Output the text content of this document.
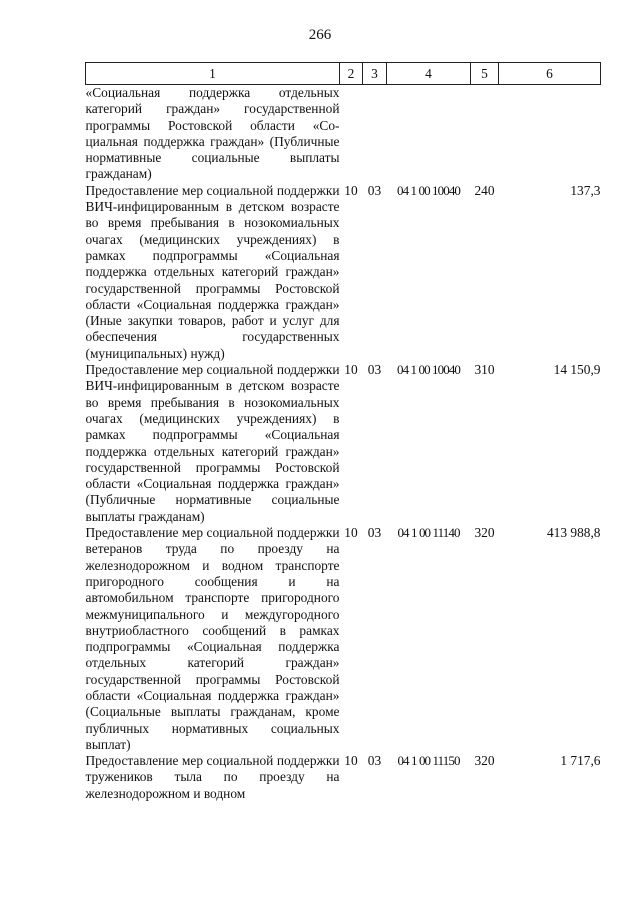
266
1	2	3	4	5	6
«Социальная поддержка отдельных категорий граждан» государственной программы Ростовской области «Социальная поддержка граждан» (Публичные нормативные социальные выплаты гражданам)					
Предоставление мер социальной поддержки ВИЧ-инфицированным в детском возрасте во время пребывания в нозокомиальных очагах (медицинских учреждениях) в рамках подпрограммы «Социальная поддержка отдельных категорий граждан» государственной программы Ростовской области «Социальная поддержка граждан» (Иные закупки товаров, работ и услуг для обеспечения государственных (муниципальных) нужд)	10	03	04 1 00 10040	240	137,3
Предоставление мер социальной поддержки ВИЧ-инфицированным в детском возрасте во время пребывания в нозокомиальных очагах (медицинских учреждениях) в рамках подпрограммы «Социальная поддержка отдельных категорий граждан» государственной программы Ростовской области «Социальная поддержка граждан» (Публичные нормативные социальные выплаты гражданам)	10	03	04 1 00 10040	310	14 150,9
Предоставление мер социальной поддержки ветеранов труда по проезду на железнодорожном и водном транспорте пригородного сообщения и на автомобильном транспорте пригородного межмуниципального и междугородного внутриобластного сообщений в рамках подпрограммы «Социальная поддержка отдельных категорий граждан» государственной программы Ростовской области «Социальная поддержка граждан» (Социальные выплаты гражданам, кроме публичных нормативных социальных выплат)	10	03	04 1 00 11140	320	413 988,8
Предоставление мер социальной поддержки тружеников тыла по проезду на железнодорожном и водном	10	03	04 1 00 11150	320	1 717,6
